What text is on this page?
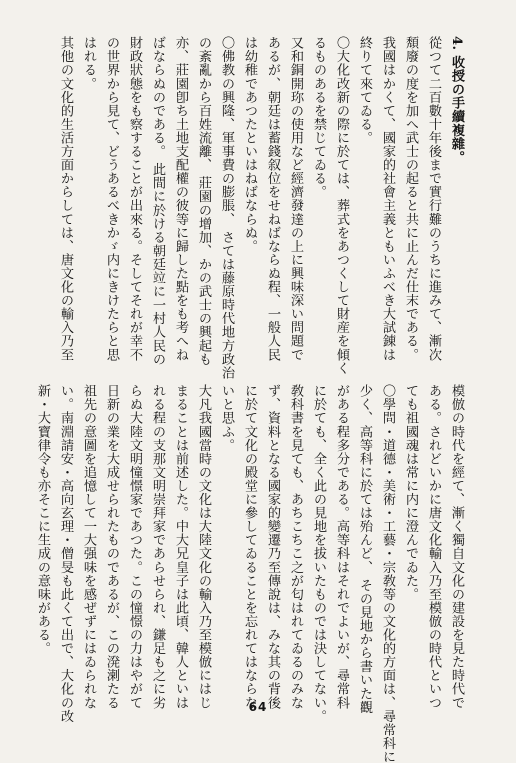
4. 收授の手續複雜。
從つて二百數十年後まで實行難のうちに進みて、漸次
頽廢の度を加へ武士の起ると共に止んだ仕末である。
我國はかくて、國家的社會主義ともいふべき大試錬は
終りて來てゐる。
〇大化改新の際に於ては、葬式をあつくして財産を傾く
るものあるを禁じてゐる。
又和銅開珎の使用など經濟發達の上に興味深い問題で
あるが、朝廷は蓄錢叙位をせねばならぬ程、一般人民
は幼稚であつたといはねばならぬ。
〇佛教の興隆、軍事費の膨脹、 さては藤原時代地方政治
の紊亂から百姓流離、 莊園の增加、かの武士の興起も
亦、莊園卽ち土地支配權の彼等に歸した點をも考へね
ばならぬのである。 此間に於ける朝廷竝に一村人民の
財政狀態をも察することが出來る。そしてそれが幸不
の世界から見て、どうあるべきかゞ内にきけたらと思
はれる。
其他の文化的生活方面からしては、唐文化の輸入乃至
模倣の時代を經て、漸く獨自文化の建設を見た時代で
ある。されどいかに唐文化輸入乃至模倣の時代といつ
ても祖國魂は常に内に澄んでゐた。
〇學問・道德・美術・工藝・宗敎等の文化的方面は、尋常科に
少く、高等科に於ては殆んど、 その見地から書いた觀
がある程多分である。高等科はそれでよいが、尋常科
に於ても、全く此の見地を拔いたものでは決してない。
敎科書を見ても、あちこちこ之が匂はれてゐるのみな
ず、資料となる國家的變遷乃至傳說は、みな其の背後
に於て文化の殿堂に參してゐることを忘れてはならな
いと思ふ。
大凡我國當時の文化は大陸文化の輸入乃至模倣にはじ
まることは前述した。中大兄皇子は此頃、韓人といは
れる程の支那文明崇拜家であらせられ、鎌足も之に劣
らぬ大陸文明憧憬家であつた。この憧憬の力はやがて
日新の業を大成せられたものであるが、この溌溂たる
祖先の意圖を追憶して一大强味を感ぜずにはゐられな
い。南淵請安・高向玄理・僧旻も此くて出で、大化の改
新・大寶律令も亦そこに生成の意味がある。
64
